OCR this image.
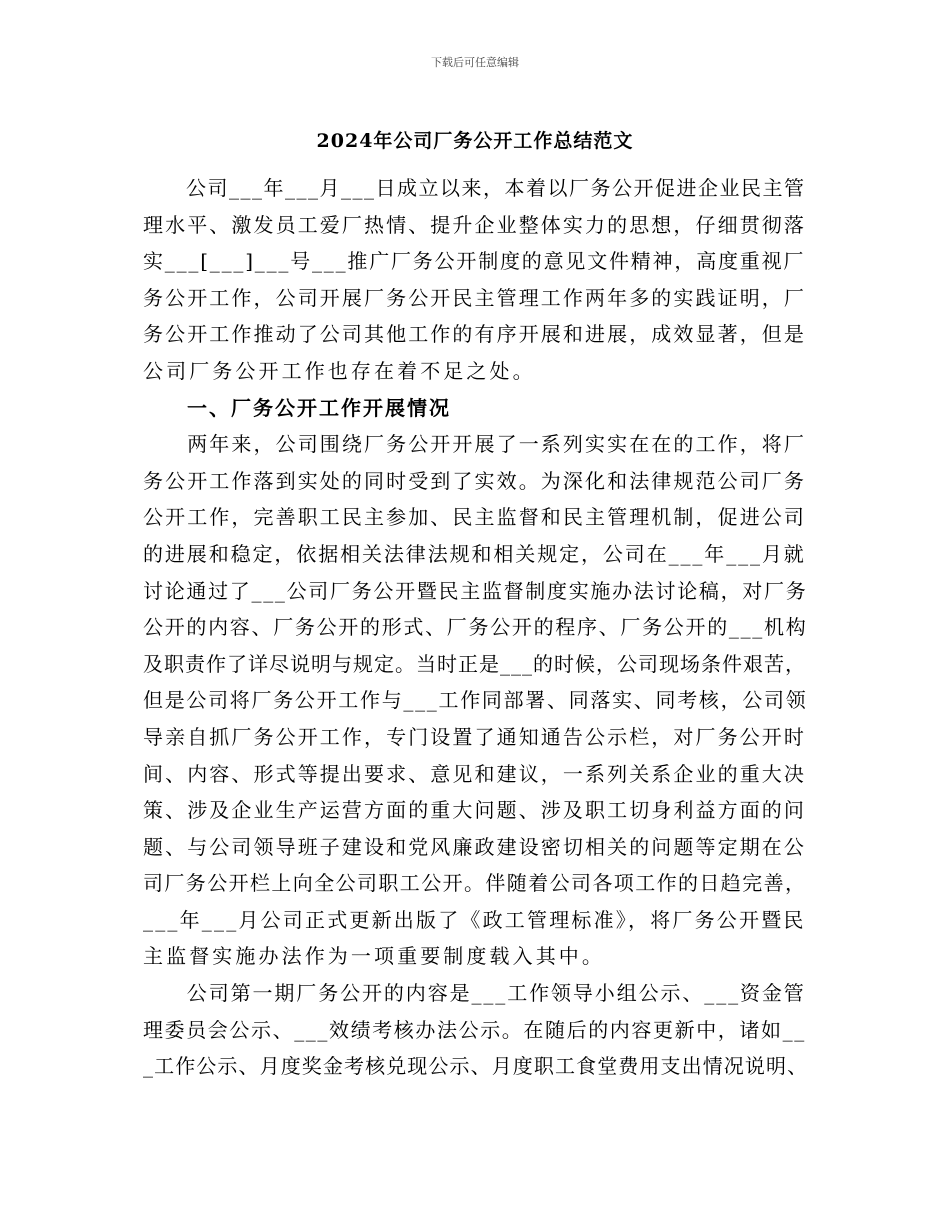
下载后可任意编辑
2024年公司厂务公开工作总结范文
　　公司___年___月___日成立以来，本着以厂务公开促进企业民主管
理水平、激发员工爱厂热情、提升企业整体实力的思想，仔细贯彻落
实___[___]___号___推广厂务公开制度的意见文件精神，高度重视厂
务公开工作，公司开展厂务公开民主管理工作两年多的实践证明，厂
务公开工作推动了公司其他工作的有序开展和进展，成效显著，但是
公司厂务公开工作也存在着不足之处。
　　一、厂务公开工作开展情况
　　两年来，公司围绕厂务公开开展了一系列实实在在的工作，将厂
务公开工作落到实处的同时受到了实效。为深化和法律规范公司厂务
公开工作，完善职工民主参加、民主监督和民主管理机制，促进公司
的进展和稳定，依据相关法律法规和相关规定，公司在___年___月就
讨论通过了___公司厂务公开暨民主监督制度实施办法讨论稿，对厂务
公开的内容、厂务公开的形式、厂务公开的程序、厂务公开的___机构
及职责作了详尽说明与规定。当时正是___的时候，公司现场条件艰苦，
但是公司将厂务公开工作与___工作同部署、同落实、同考核，公司领
导亲自抓厂务公开工作，专门设置了通知通告公示栏，对厂务公开时
间、内容、形式等提出要求、意见和建议，一系列关系企业的重大决
策、涉及企业生产运营方面的重大问题、涉及职工切身利益方面的问
题、与公司领导班子建设和党风廉政建设密切相关的问题等定期在公
司厂务公开栏上向全公司职工公开。伴随着公司各项工作的日趋完善，
___年___月公司正式更新出版了《政工管理标准》，将厂务公开暨民
主监督实施办法作为一项重要制度载入其中。
　　公司第一期厂务公开的内容是___工作领导小组公示、___资金管
理委员会公示、___效绩考核办法公示。在随后的内容更新中，诸如__
_工作公示、月度奖金考核兑现公示、月度职工食堂费用支出情况说明、
